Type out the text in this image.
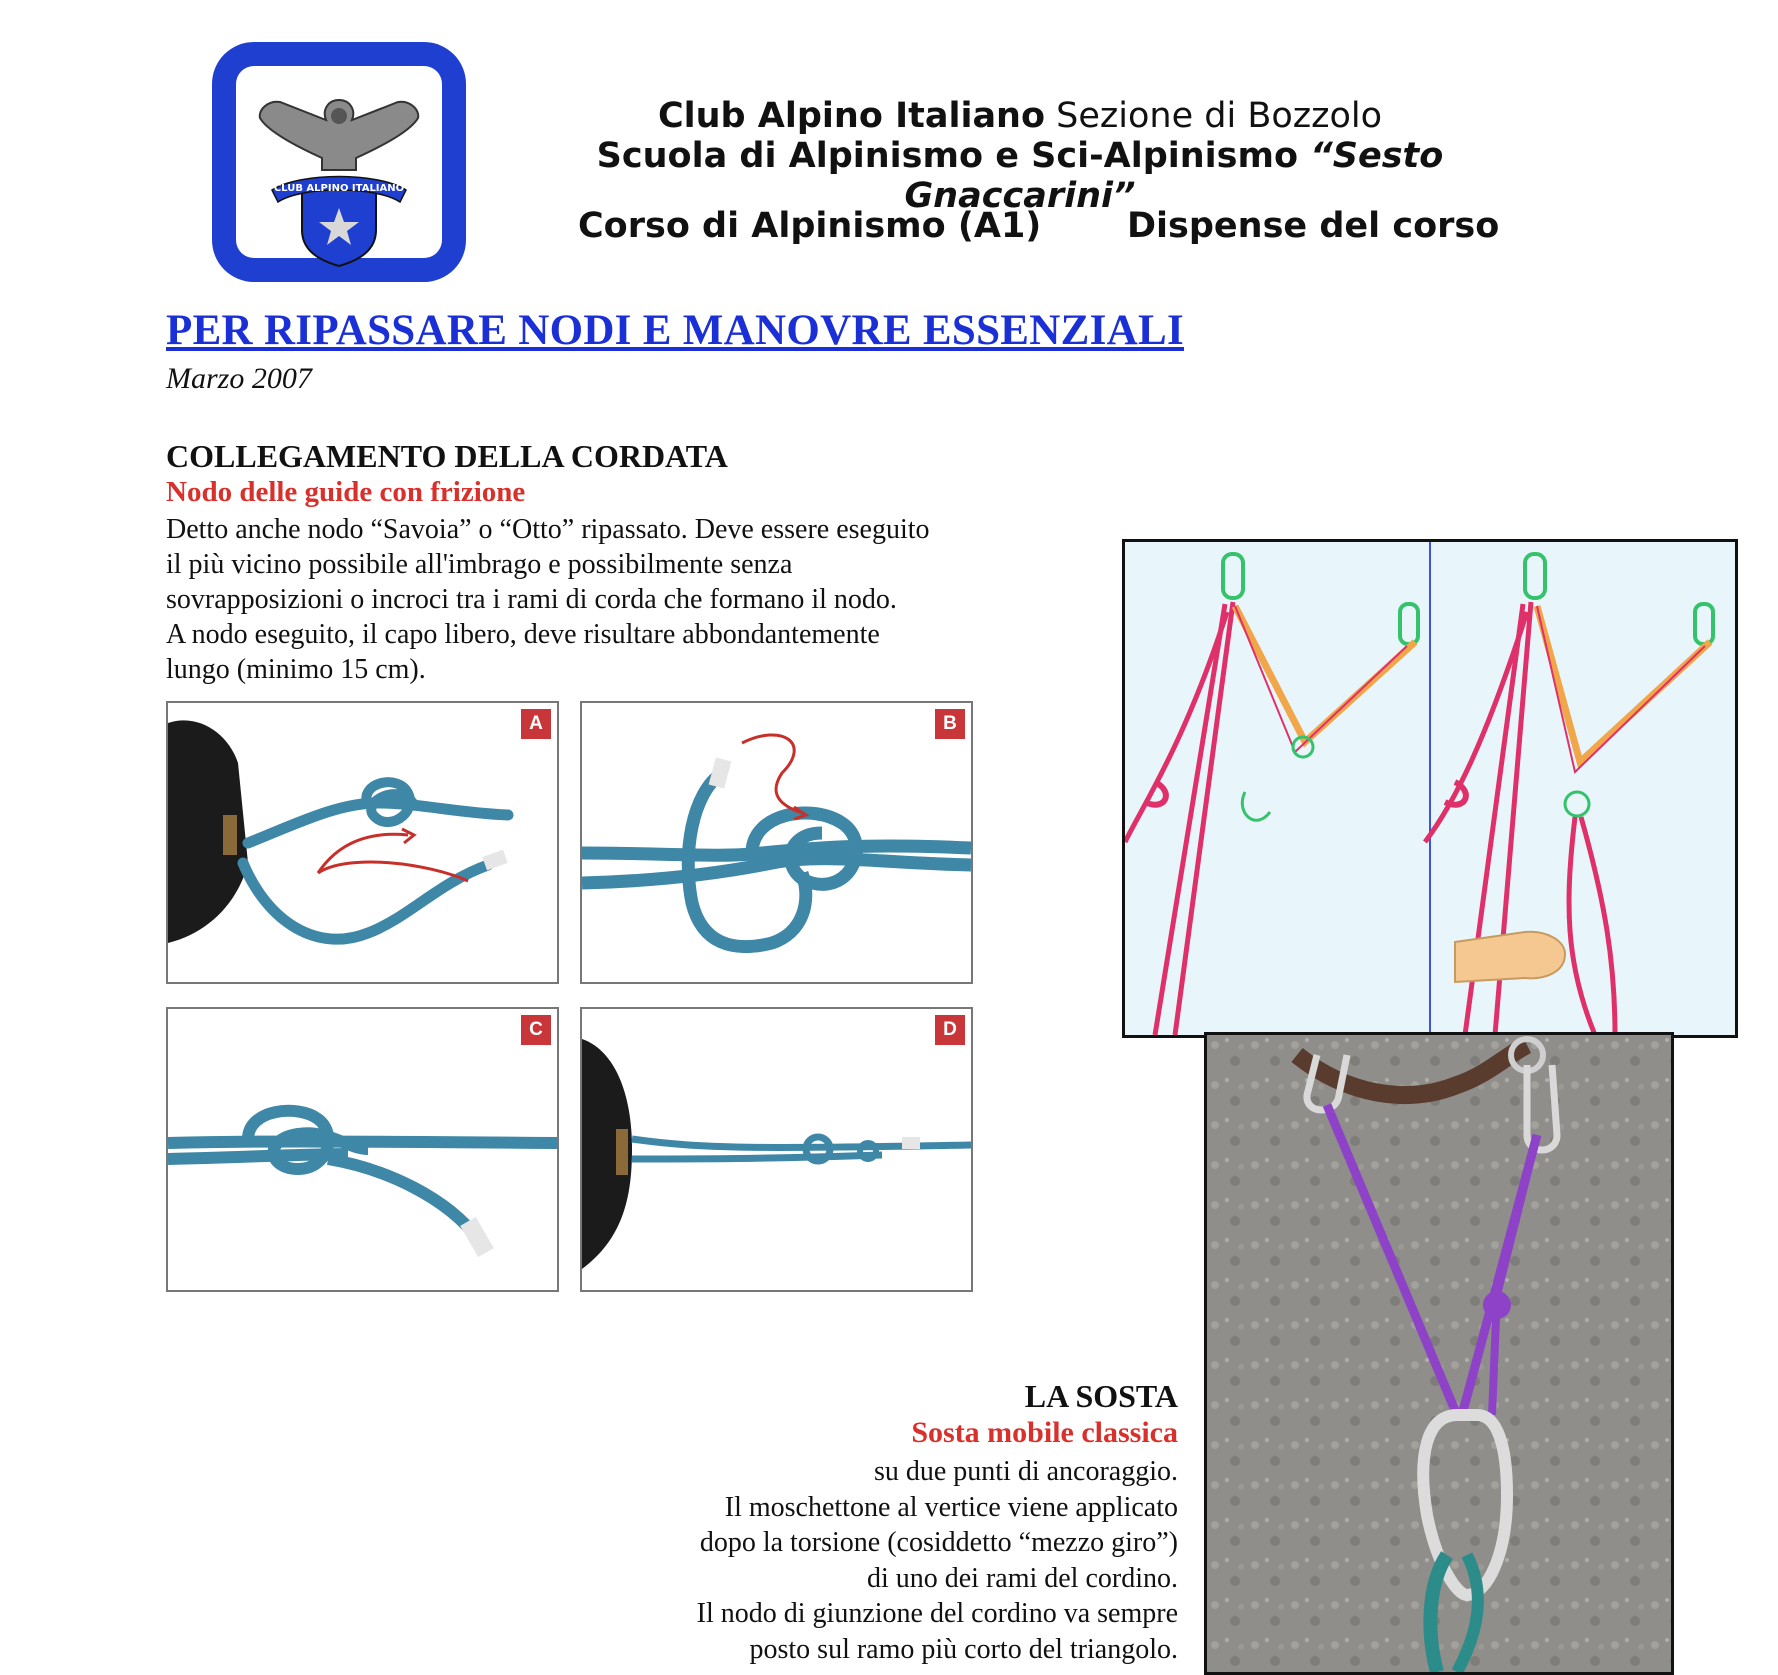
CLUB ALPINO ITALIANO
Club Alpino Italiano Sezione di Bozzolo
Scuola di Alpinismo e Sci-Alpinismo “Sesto Gnaccarini”
Corso di Alpinismo (A1) Dispense del corso
PER RIPASSARE NODI E MANOVRE ESSENZIALI
Marzo 2007
COLLEGAMENTO DELLA CORDATA
Nodo delle guide con frizione
Detto anche nodo “Savoia” o “Otto” ripassato. Deve essere eseguito
il più vicino possibile all'imbrago e possibilmente senza
sovrapposizioni o incroci tra i rami di corda che formano il nodo.
A nodo eseguito, il capo libero, deve risultare abbondantemente
lungo (minimo 15 cm).
A	B
C	D
LA SOSTA
Sosta mobile classica
su due punti di ancoraggio.
Il moschettone al vertice viene applicato
dopo la torsione (cosiddetto “mezzo giro”)
di uno dei rami del cordino.
Il nodo di giunzione del cordino va sempre
posto sul ramo più corto del triangolo.
